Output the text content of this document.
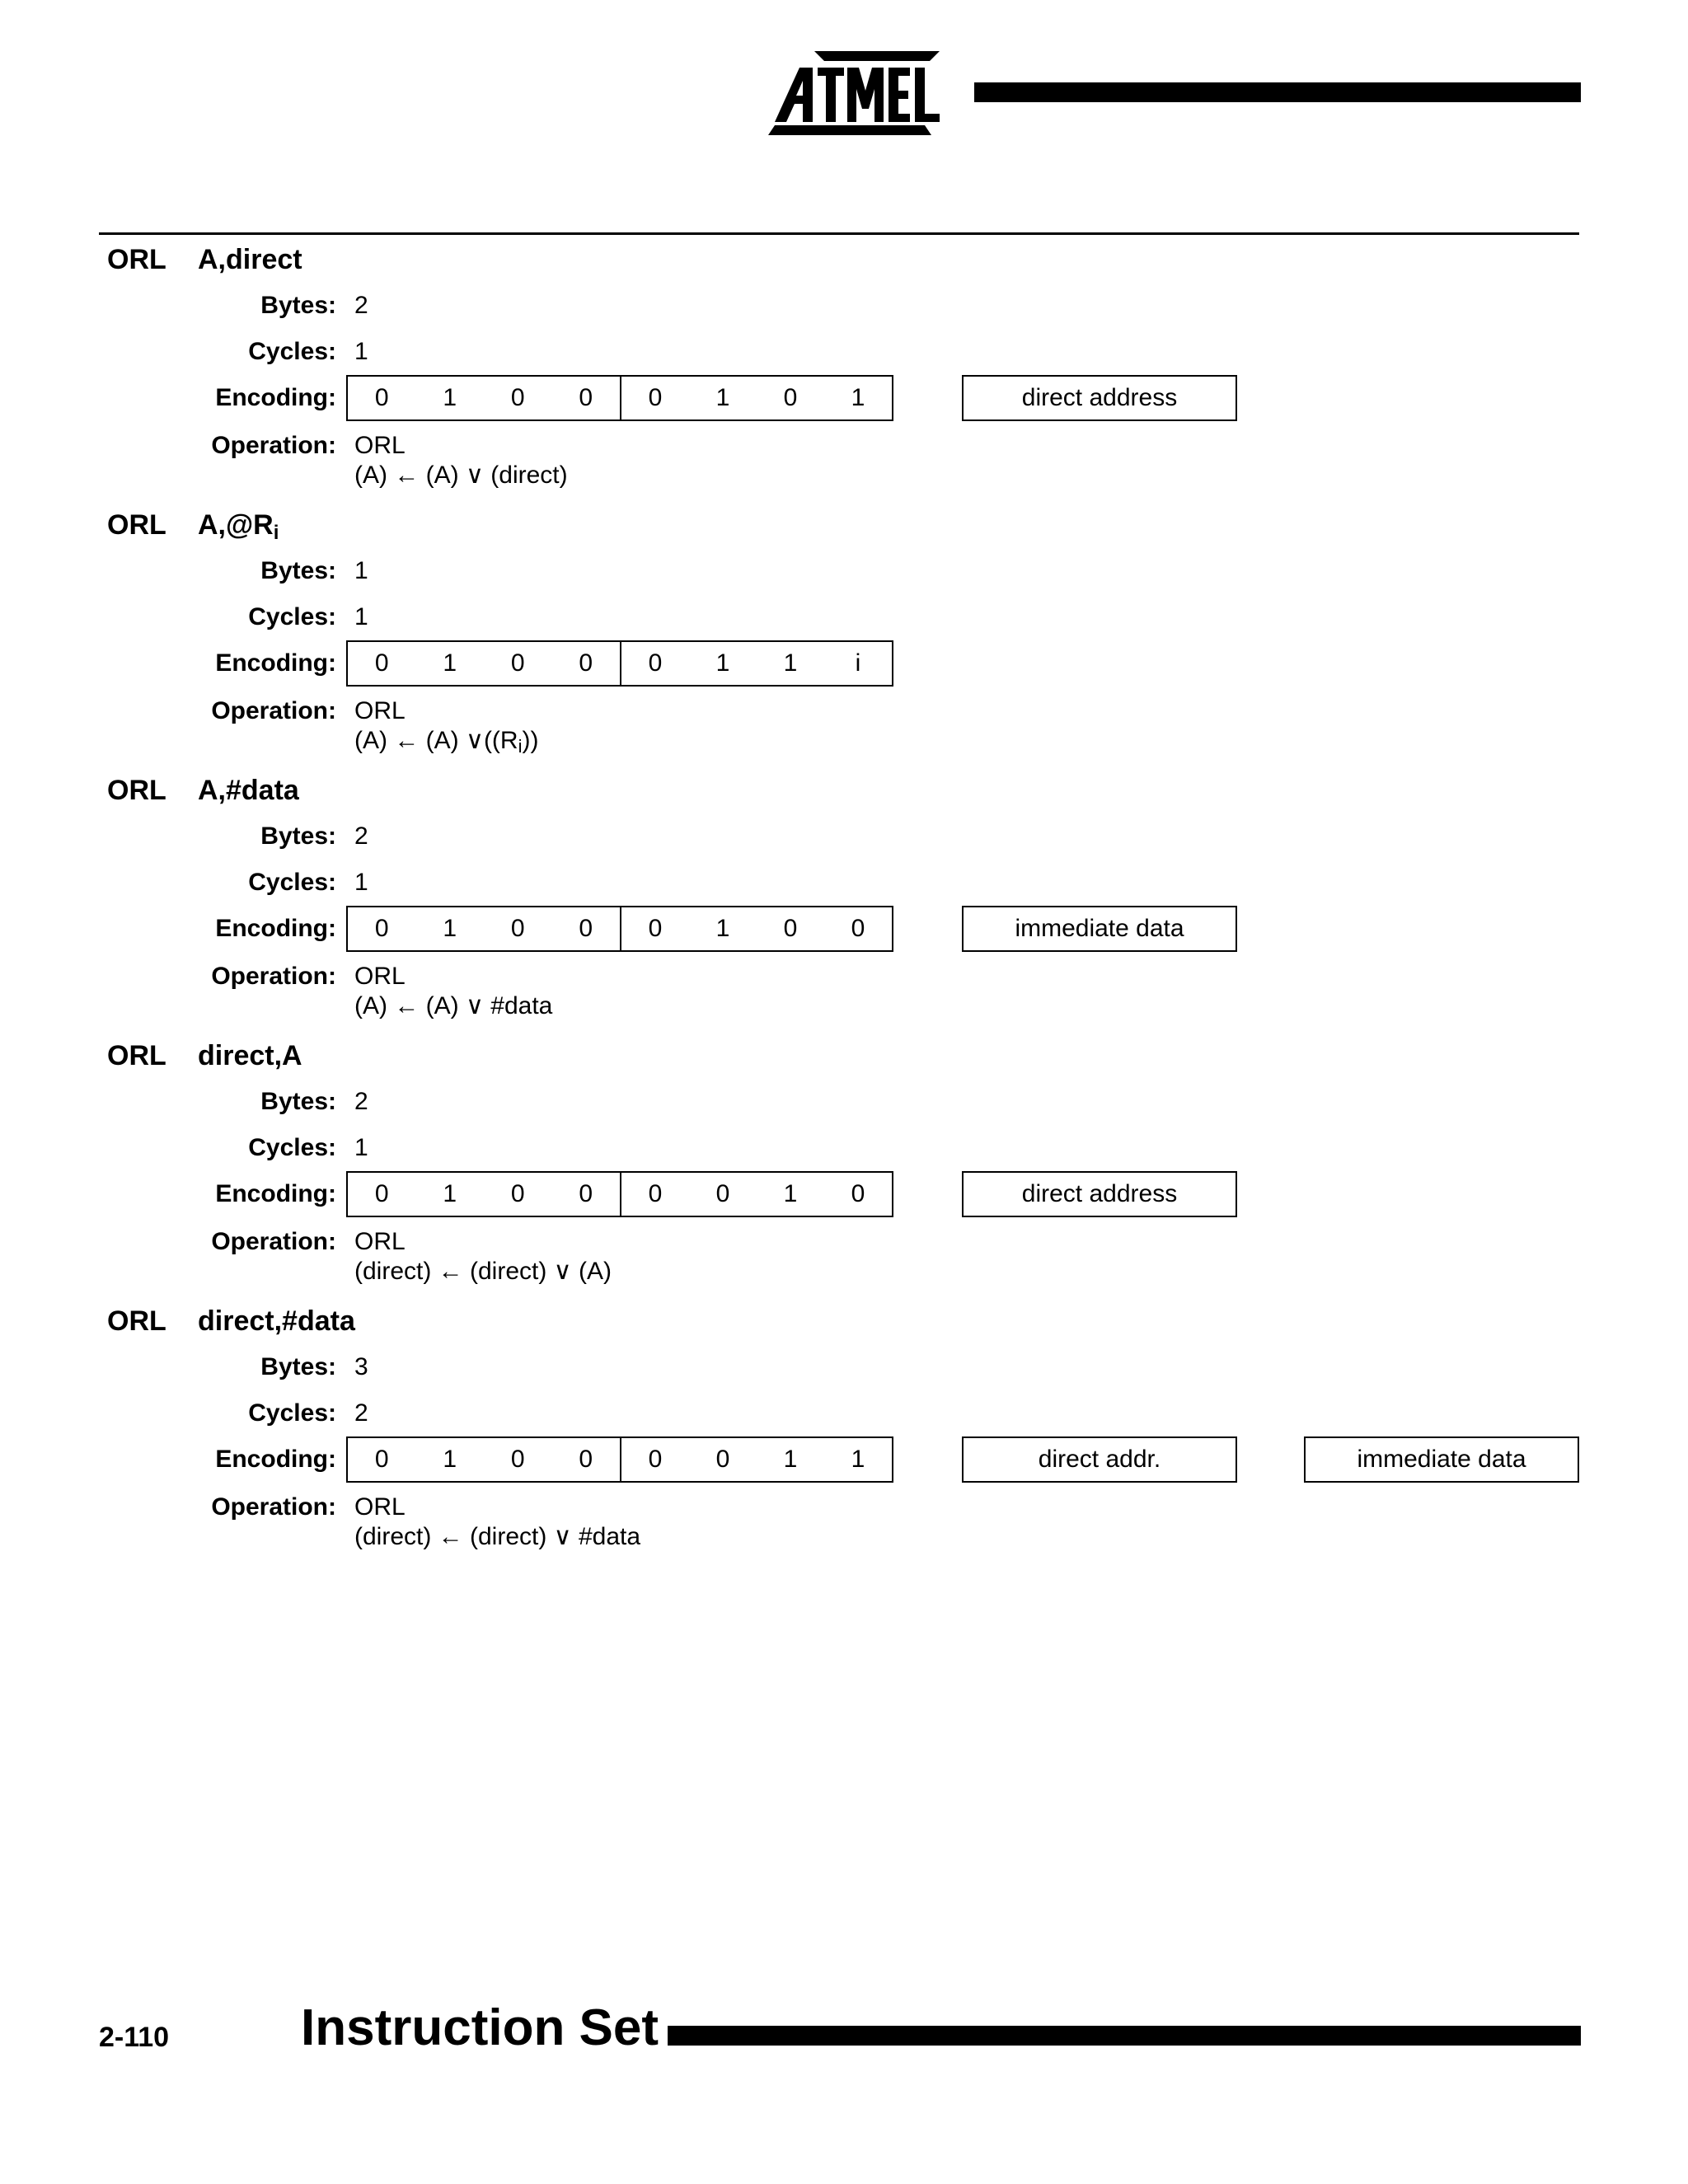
ORL A,direct
Bytes: 2
Cycles: 1
Encoding:	0	1	0	0	0	1	0	1	direct address
Operation: ORL
(A) ← (A) ∨ (direct)
ORL $A,@R_i$
Bytes: 1
Cycles: 1
Encoding:	0	1	0	0	0	1	1	i
Operation: ORL
(A) ← (A) $\vee((R_i))$
ORL A,#data
Bytes: 2
Cycles: 1
Encoding:	0	1	0	0	0	1	0	0	immediate data
Operation: ORL
(A) ← (A) ∨ #data
ORL direct,A
Bytes: 2
Cycles: 1
Encoding:	0	1	0	0	0	0	1	0	direct address
Operation: ORL
(direct) ← (direct) ∨ (A)
ORL direct,#data
Bytes: 3
Cycles: 2
Encoding:	0	1	0	0	0	0	1	1	direct addr.	immediate data
Operation: ORL
(direct) ← (direct) ∨ #data
2-110	Instruction Set
